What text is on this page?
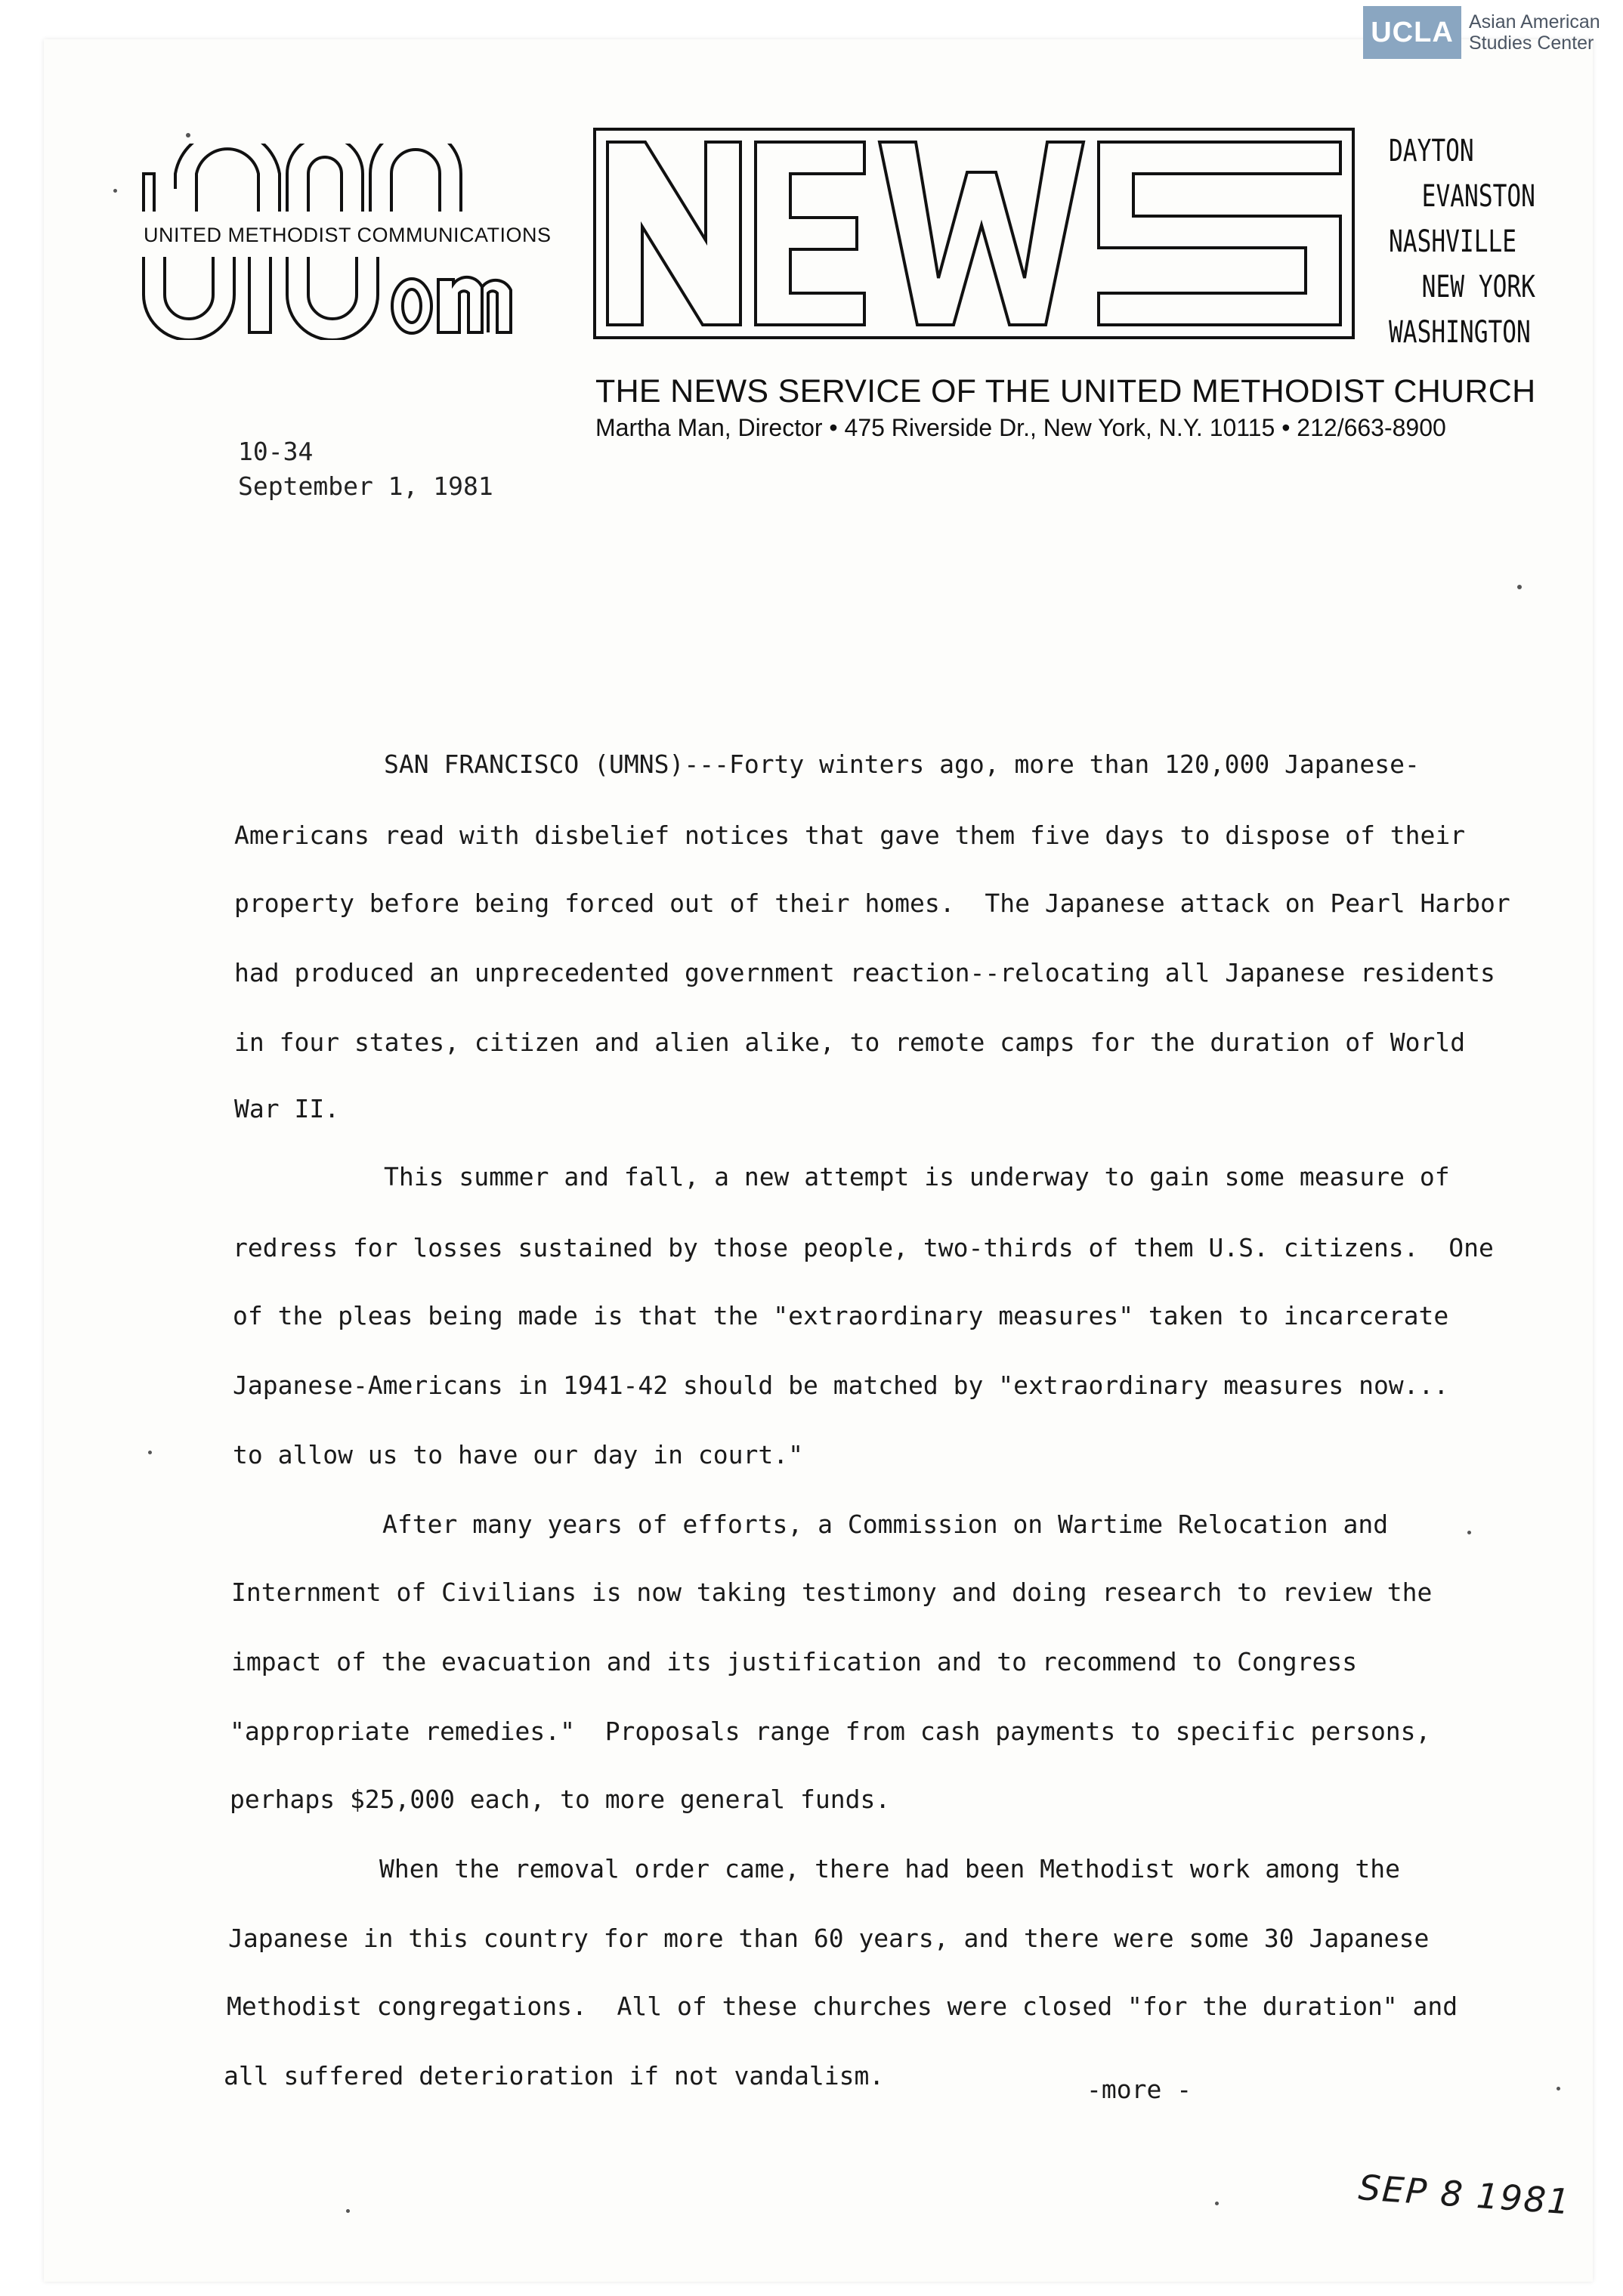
UCLA Asian American
Studies Center
UNITED METHODIST COMMUNICATIONS
DAYTON
EVANSTON
NASHVILLE
NEW YORK
WASHINGTON
THE NEWS SERVICE OF THE UNITED METHODIST CHURCH
Martha Man, Director • 475 Riverside Dr., New York, N.Y. 10115 • 212/663-8900
10-34
September 1, 1981
SAN FRANCISCO (UMNS)---Forty winters ago, more than 120,000 Japanese-
Americans read with disbelief notices that gave them five days to dispose of their
property before being forced out of their homes.  The Japanese attack on Pearl Harbor
had produced an unprecedented government reaction--relocating all Japanese residents
in four states, citizen and alien alike, to remote camps for the duration of World
War II.
This summer and fall, a new attempt is underway to gain some measure of
redress for losses sustained by those people, two-thirds of them U.S. citizens.  One
of the pleas being made is that the "extraordinary measures" taken to incarcerate
Japanese-Americans in 1941-42 should be matched by "extraordinary measures now...
to allow us to have our day in court."
After many years of efforts, a Commission on Wartime Relocation and
Internment of Civilians is now taking testimony and doing research to review the
impact of the evacuation and its justification and to recommend to Congress
"appropriate remedies."  Proposals range from cash payments to specific persons,
perhaps $25,000 each, to more general funds.
When the removal order came, there had been Methodist work among the
Japanese in this country for more than 60 years, and there were some 30 Japanese
Methodist congregations.  All of these churches were closed "for the duration" and
all suffered deterioration if not vandalism.	-more -
SEP 8 1981
